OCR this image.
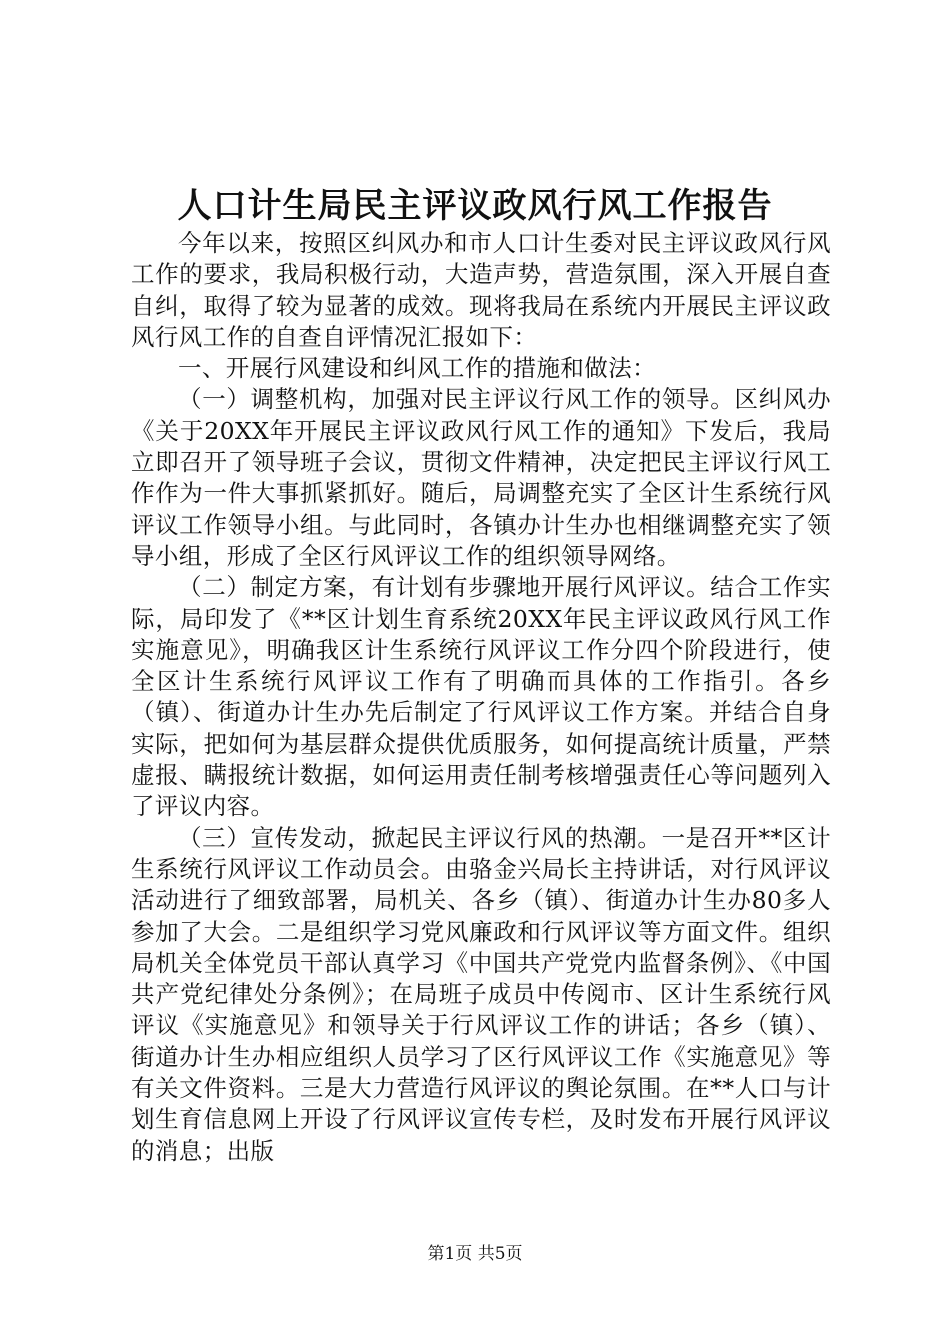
人口计生局民主评议政风行风工作报告

今年以来，按照区纠风办和市人口计生委对民主评议政风行风工作的要求，我局积极行动，大造声势，营造氛围，深入开展自查自纠，取得了较为显著的成效。现将我局在系统内开展民主评议政风行风工作的自查自评情况汇报如下：

一、开展行风建设和纠风工作的措施和做法：

（一）调整机构，加强对民主评议行风工作的领导。区纠风办《关于20XX年开展民主评议政风行风工作的通知》下发后，我局立即召开了领导班子会议，贯彻文件精神，决定把民主评议行风工作作为一件大事抓紧抓好。随后，局调整充实了全区计生系统行风评议工作领导小组。与此同时，各镇办计生办也相继调整充实了领导小组，形成了全区行风评议工作的组织领导网络。

（二）制定方案，有计划有步骤地开展行风评议。结合工作实际，局印发了《**区计划生育系统20XX年民主评议政风行风工作实施意见》，明确我区计生系统行风评议工作分四个阶段进行，使全区计生系统行风评议工作有了明确而具体的工作指引。各乡（镇）、街道办计生办先后制定了行风评议工作方案。并结合自身实际，把如何为基层群众提供优质服务，如何提高统计质量，严禁虚报、瞒报统计数据，如何运用责任制考核增强责任心等问题列入了评议内容。

（三）宣传发动，掀起民主评议行风的热潮。一是召开**区计生系统行风评议工作动员会。由骆金兴局长主持讲话，对行风评议活动进行了细致部署，局机关、各乡（镇）、街道办计生办80多人参加了大会。二是组织学习党风廉政和行风评议等方面文件。组织局机关全体党员干部认真学习《中国共产党党内监督条例》、《中国共产党纪律处分条例》；在局班子成员中传阅市、区计生系统行风评议《实施意见》和领导关于行风评议工作的讲话；各乡（镇）、街道办计生办相应组织人员学习了区行风评议工作《实施意见》等有关文件资料。三是大力营造行风评议的舆论氛围。在**人口与计划生育信息网上开设了行风评议宣传专栏，及时发布开展行风评议的消息；出版

第1页 共5页
